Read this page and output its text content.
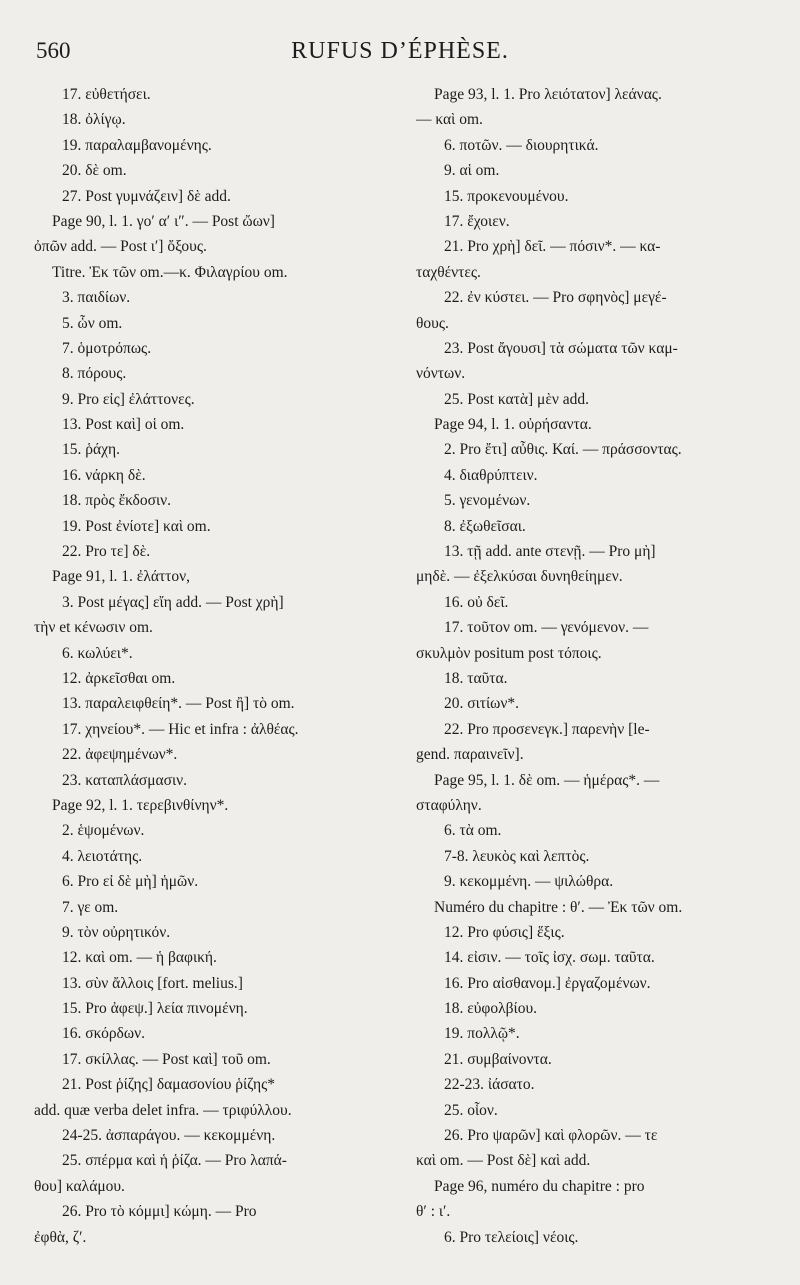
560	RUFUS D’ÉPHÈSE.
17. εὐθετήσει.
18. ὀλίγῳ.
19. παραλαμβανομένης.
20. δὲ om.
27. Post γυμνάζειν] δὲ add.
Page 90, l. 1. γο′ α′ ι″. — Post ὤων]
ὀπῶν add. — Post ι′] ὄξους.
Titre. Ἐκ τῶν om.—κ. Φιλαγρίου om.
3. παιδίων.
5. ὧν om.
7. ὁμοτρόπως.
8. πόρους.
9. Pro εἰς] ἐλάττονες.
13. Post καὶ] οἱ om.
15. ῥάχη.
16. νάρκη δὲ.
18. πρὸς ἔκδοσιν.
19. Post ἐνίοτε] καὶ om.
22. Pro τε] δὲ.
Page 91, l. 1. ἐλάττον,
3. Post μέγας] εἴη add. — Post χρὴ]
τὴν et κένωσιν om.
6. κωλύει*.
12. ἀρκεῖσθαι om.
13. παραλειφθείη*. — Post ἢ] τὸ om.
17. χηνείου*. — Hic et infra : ἀλθέας.
22. ἀφεψημένων*.
23. καταπλάσμασιν.
Page 92, l. 1. τερεβινθίνην*.
2. ἑψομένων.
4. λειοτάτης.
6. Pro εἰ δὲ μὴ] ἡμῶν.
7. γε om.
9. τὸν οὐρητικόν.
12. καὶ om. — ἡ βαφική.
13. σὺν ἄλλοις [fort. melius.]
15. Pro ἀφεψ.] λεία πινομένη.
16. σκόρδων.
17. σκίλλας. — Post καὶ] τοῦ om.
21. Post ῥίζης] δαμασονίου ῥίζης*
add. quæ verba delet infra. — τριφύλλου.
24-25. ἀσπαράγου. — κεκομμένη.
25. σπέρμα καὶ ἡ ῥίζα. — Pro λαπά-
θου] καλάμου.
26. Pro τὸ κόμμι] κώμη. — Pro
ἐφθὰ, ζ′.
Page 93, l. 1. Pro λειότατον] λεάνας.
— καὶ om.
6. ποτῶν. — διουρητικά.
9. αἱ om.
15. προκενουμένου.
17. ἔχοιεν.
21. Pro χρὴ] δεῖ. — πόσιν*. — κα-
ταχθέντες.
22. ἐν κύστει. — Pro σφηνὸς] μεγέ-
θους.
23. Post ἄγουσι] τὰ σώματα τῶν καμ-
νόντων.
25. Post κατὰ] μὲν add.
Page 94, l. 1. οὐρήσαντα.
2. Pro ἔτι] αὖθις. Καί. — πράσσοντας.
4. διαθρύπτειν.
5. γενομένων.
8. ἐξωθεῖσαι.
13. τῇ add. ante στενῇ. — Pro μὴ]
μηδὲ. — ἐξελκύσαι δυνηθείημεν.
16. οὐ δεῖ.
17. τοῦτον om. — γενόμενον. —
σκυλμὸν positum post τόποις.
18. ταῦτα.
20. σιτίων*.
22. Pro προσενεγκ.] παρενὴν [le-
gend. παραινεῖν].
Page 95, l. 1. δὲ om. — ἡμέρας*. —
σταφύλην.
6. τὰ om.
7-8. λευκὸς καὶ λεπτὸς.
9. κεκομμένη. — ψιλώθρα.
Numéro du chapitre : θ′. — Ἐκ τῶν om.
12. Pro φύσις] ἕξις.
14. εἰσιν. — τοῖς ἰσχ. σωμ. ταῦτα.
16. Pro αἰσθανομ.] ἐργαζομένων.
18. εὐφολβίου.
19. πολλῷ*.
21. συμβαίνοντα.
22-23. ἰάσατο.
25. οἷον.
26. Pro ψαρῶν] καὶ φλορῶν. — τε
καὶ om. — Post δὲ] καὶ add.
Page 96, numéro du chapitre : pro
θ′ : ι′.
6. Pro τελείοις] νέοις.
